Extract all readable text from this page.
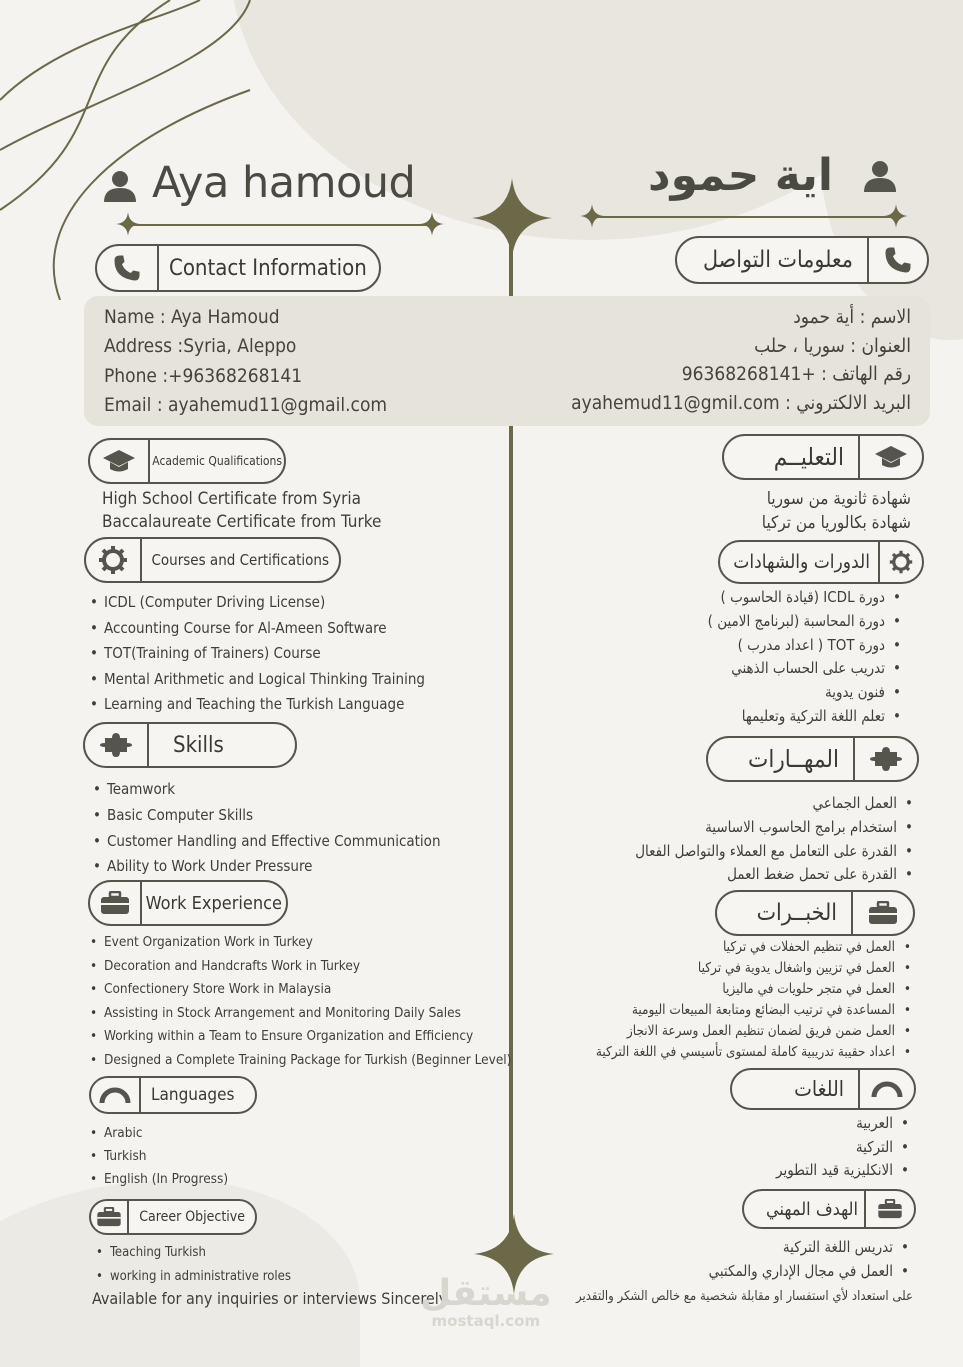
Aya hamoud	اية حمود
Contact Information	معلومات التواصل
Name : Aya Hamoud
Address :Syria, Aleppo
Phone :+96368268141
Email : ayahemud11@gmail.com
الاسم : أية حمود
العنوان : سوريا ، حلب
رقم الهاتف : +96368268141
البريد الالكتروني : ayahemud11@gmil.com
Academic Qualifications	التعليــم
High School Certificate from Syria
Baccalaureate Certificate from Turke
شهادة ثانوية من سوريا
شهادة بكالوريا من تركيا
Courses and Certifications	الدورات والشهادات
• ICDL (Computer Driving License)
• Accounting Course for Al-Ameen Software
• TOT(Training of Trainers) Course
• Mental Arithmetic and Logical Thinking Training
• Learning and Teaching the Turkish Language
• دورة ICDL (قيادة الحاسوب )
• دورة المحاسبة (لبرنامج الامين )
• دورة TOT ( اعداد مدرب )
• تدريب على الحساب الذهني
• فنون يدوية
• تعلم اللغة التركية وتعليمها
Skills	المهــارات
• Teamwork
• Basic Computer Skills
• Customer Handling and Effective Communication
• Ability to Work Under Pressure
• العمل الجماعي
• استخدام برامج الحاسوب الاساسية
• القدرة على التعامل مع العملاء والتواصل الفعال
• القدرة على تحمل ضغط العمل
Work Experience	الخبــرات
• Event Organization Work in Turkey
• Decoration and Handcrafts Work in Turkey
• Confectionery Store Work in Malaysia
• Assisting in Stock Arrangement and Monitoring Daily Sales
• Working within a Team to Ensure Organization and Efficiency
• Designed a Complete Training Package for Turkish (Beginner Level)
• العمل في تنظيم الحفلات في تركيا
• العمل في تزيين واشغال يدوية في تركيا
• العمل في متجر حلويات في ماليزيا
• المساعدة في ترتيب البضائع ومتابعة المبيعات اليومية
• العمل ضمن فريق لضمان تنظيم العمل وسرعة الانجاز
• اعداد حقيبة تدريبية كاملة لمستوى تأسيسي في اللغة التركية
Languages	اللغات
• Arabic
• Turkish
• English (In Progress)
• العربية
• التركية
• الانكليزية قيد التطوير
Career Objective	الهدف المهني
• Teaching Turkish
• working in administrative roles
• تدريس اللغة التركية
• العمل في مجال الإداري والمكتبي
Available for any inquiries or interviews Sincerely	على استعداد لأي استفسار او مقابلة شخصية مع خالص الشكر والتقدير
مستقل
mostaql.com
